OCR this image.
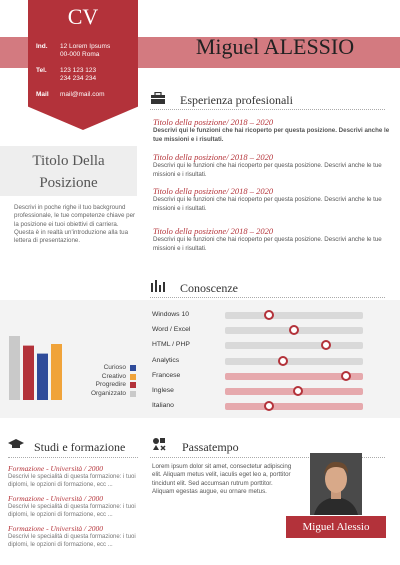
CV
Ind. 12 Lorem Ipsums
00-000 Roma
Tel. 123 123 123
234 234 234
Mail mail@mail.com
Miguel ALESSIO
Esperienza profesionali
Titolo della posizione/ 2018 – 2020
Descrivi qui le funzioni che hai ricoperto per questa posizione. Descrivi anche le tue missioni e i risultati.
Titolo della posizione/ 2018 – 2020
Descrivi qui le funzioni che hai ricoperto per questa posizione. Descrivi anche le tue missioni e i risultati.
Titolo della posizione/ 2018 – 2020
Descrivi qui le funzioni che hai ricoperto per questa posizione. Descrivi anche le tue missioni e i risultati.
Titolo della posizione/ 2018 – 2020
Descrivi qui le funzioni che hai ricoperto per questa posizione. Descrivi anche le tue missioni e i risultati.
Titolo Della
Posizione
Descrivi in poche righe il tuo background professionale, le tue competenze chiave per la posizione ei tuoi obiettivi di carriera. Questa è in realtà un'introduzione alla tua lettera di presentazione.
Conoscenze
Curioso
Creativo
Progredire
Organizzato
Windows 10
Word / Excel
HTML / PHP
Analytics
Francese
Inglese
Italiano
Studi e formazione
Formazione - Università / 2000
Descrivi le specialità di questa formazione: i tuoi diplomi, le opzioni di formazione, ecc ...
Formazione - Università / 2000
Descrivi le specialità di questa formazione: i tuoi diplomi, le opzioni di formazione, ecc ...
Formazione - Università / 2000
Descrivi le specialità di questa formazione: i tuoi diplomi, le opzioni di formazione, ecc ...
Passatempo
Lorem ipsum dolor sit amet, consectetur adipiscing elit. Aliquam metus velit, iaculis eget leo a, porttitor tincidunt elit. Sed accumsan rutrum porttitor. Aliquam egestas augue, eu ornare metus.
Miguel Alessio
